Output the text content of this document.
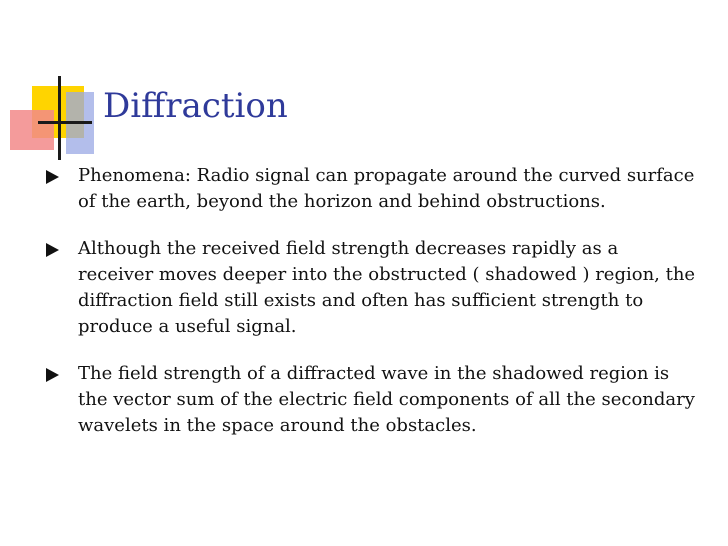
Diffraction
Phenomena: Radio signal can propagate around the curved surface of the earth, beyond the horizon and behind obstructions.
Although the received field strength decreases rapidly as a receiver moves deeper into the obstructed ( shadowed ) region, the diffraction field still exists and often has sufficient strength to produce a useful signal.
The field strength of a diffracted wave in the shadowed region is the vector sum of the electric field components of all the secondary wavelets in the space around the obstacles.
